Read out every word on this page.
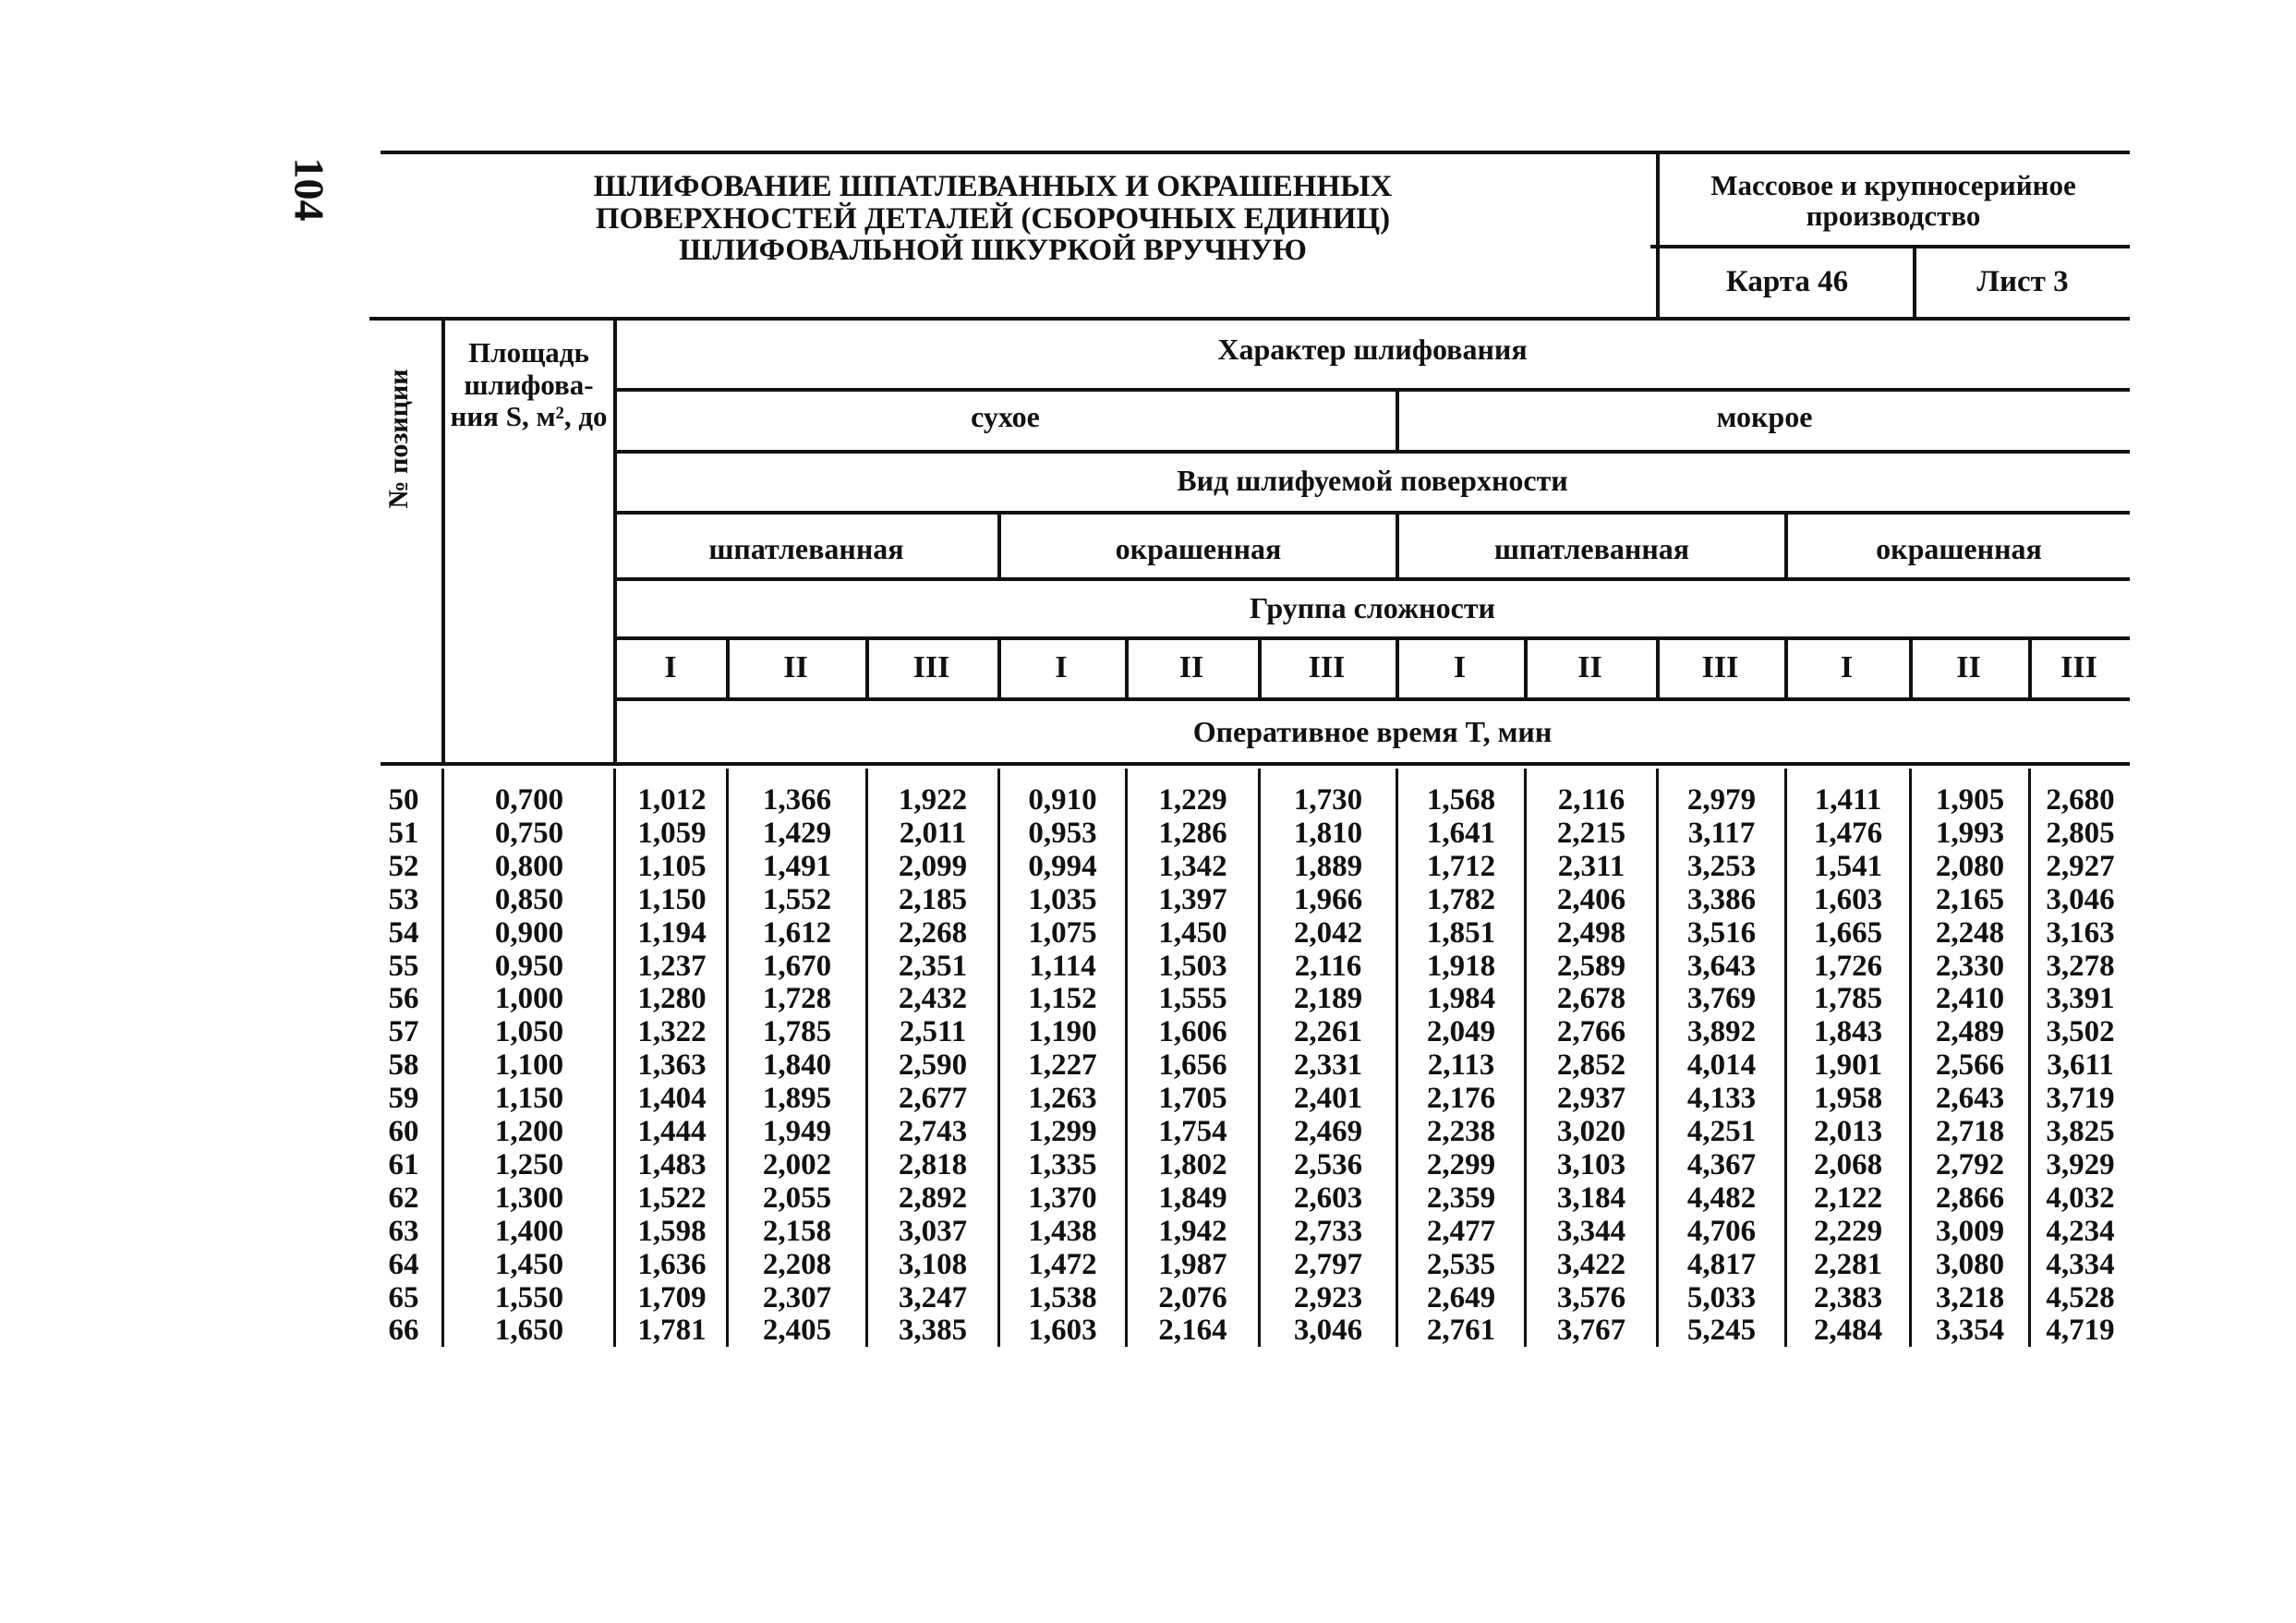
104	ШЛИФОВАНИЕ ШПАТЛЕВАННЫХ И ОКРАШЕННЫХ ПОВЕРХНОСТЕЙ ДЕТАЛЕЙ (СБОРОЧНЫХ ЕДИНИЦ) ШЛИФОВАЛЬНОЙ ШКУРКОЙ ВРУЧНУЮ
Массовое и крупносерийное производство
Карта 46	Лист 3
№ позиции
Площадь шлифова-ния S, м², до
Характер шлифования
сухое	мокрое
Вид шлифуемой поверхности
шпатлеванная	окрашенная	шпатлеванная	окрашенная
Группа сложности
Оперативное время T, мин
I	II	III	I	II	III	I	II	III	I	II	III
50	0,700	1,012	1,366	1,922	0,910	1,229	1,730	1,568	2,116	2,979	1,411	1,905	2,680
51	0,750	1,059	1,429	2,011	0,953	1,286	1,810	1,641	2,215	3,117	1,476	1,993	2,805
52	0,800	1,105	1,491	2,099	0,994	1,342	1,889	1,712	2,311	3,253	1,541	2,080	2,927
53	0,850	1,150	1,552	2,185	1,035	1,397	1,966	1,782	2,406	3,386	1,603	2,165	3,046
54	0,900	1,194	1,612	2,268	1,075	1,450	2,042	1,851	2,498	3,516	1,665	2,248	3,163
55	0,950	1,237	1,670	2,351	1,114	1,503	2,116	1,918	2,589	3,643	1,726	2,330	3,278
56	1,000	1,280	1,728	2,432	1,152	1,555	2,189	1,984	2,678	3,769	1,785	2,410	3,391
57	1,050	1,322	1,785	2,511	1,190	1,606	2,261	2,049	2,766	3,892	1,843	2,489	3,502
58	1,100	1,363	1,840	2,590	1,227	1,656	2,331	2,113	2,852	4,014	1,901	2,566	3,611
59	1,150	1,404	1,895	2,677	1,263	1,705	2,401	2,176	2,937	4,133	1,958	2,643	3,719
60	1,200	1,444	1,949	2,743	1,299	1,754	2,469	2,238	3,020	4,251	2,013	2,718	3,825
61	1,250	1,483	2,002	2,818	1,335	1,802	2,536	2,299	3,103	4,367	2,068	2,792	3,929
62	1,300	1,522	2,055	2,892	1,370	1,849	2,603	2,359	3,184	4,482	2,122	2,866	4,032
63	1,400	1,598	2,158	3,037	1,438	1,942	2,733	2,477	3,344	4,706	2,229	3,009	4,234
64	1,450	1,636	2,208	3,108	1,472	1,987	2,797	2,535	3,422	4,817	2,281	3,080	4,334
65	1,550	1,709	2,307	3,247	1,538	2,076	2,923	2,649	3,576	5,033	2,383	3,218	4,528
66	1,650	1,781	2,405	3,385	1,603	2,164	3,046	2,761	3,767	5,245	2,484	3,354	4,719
